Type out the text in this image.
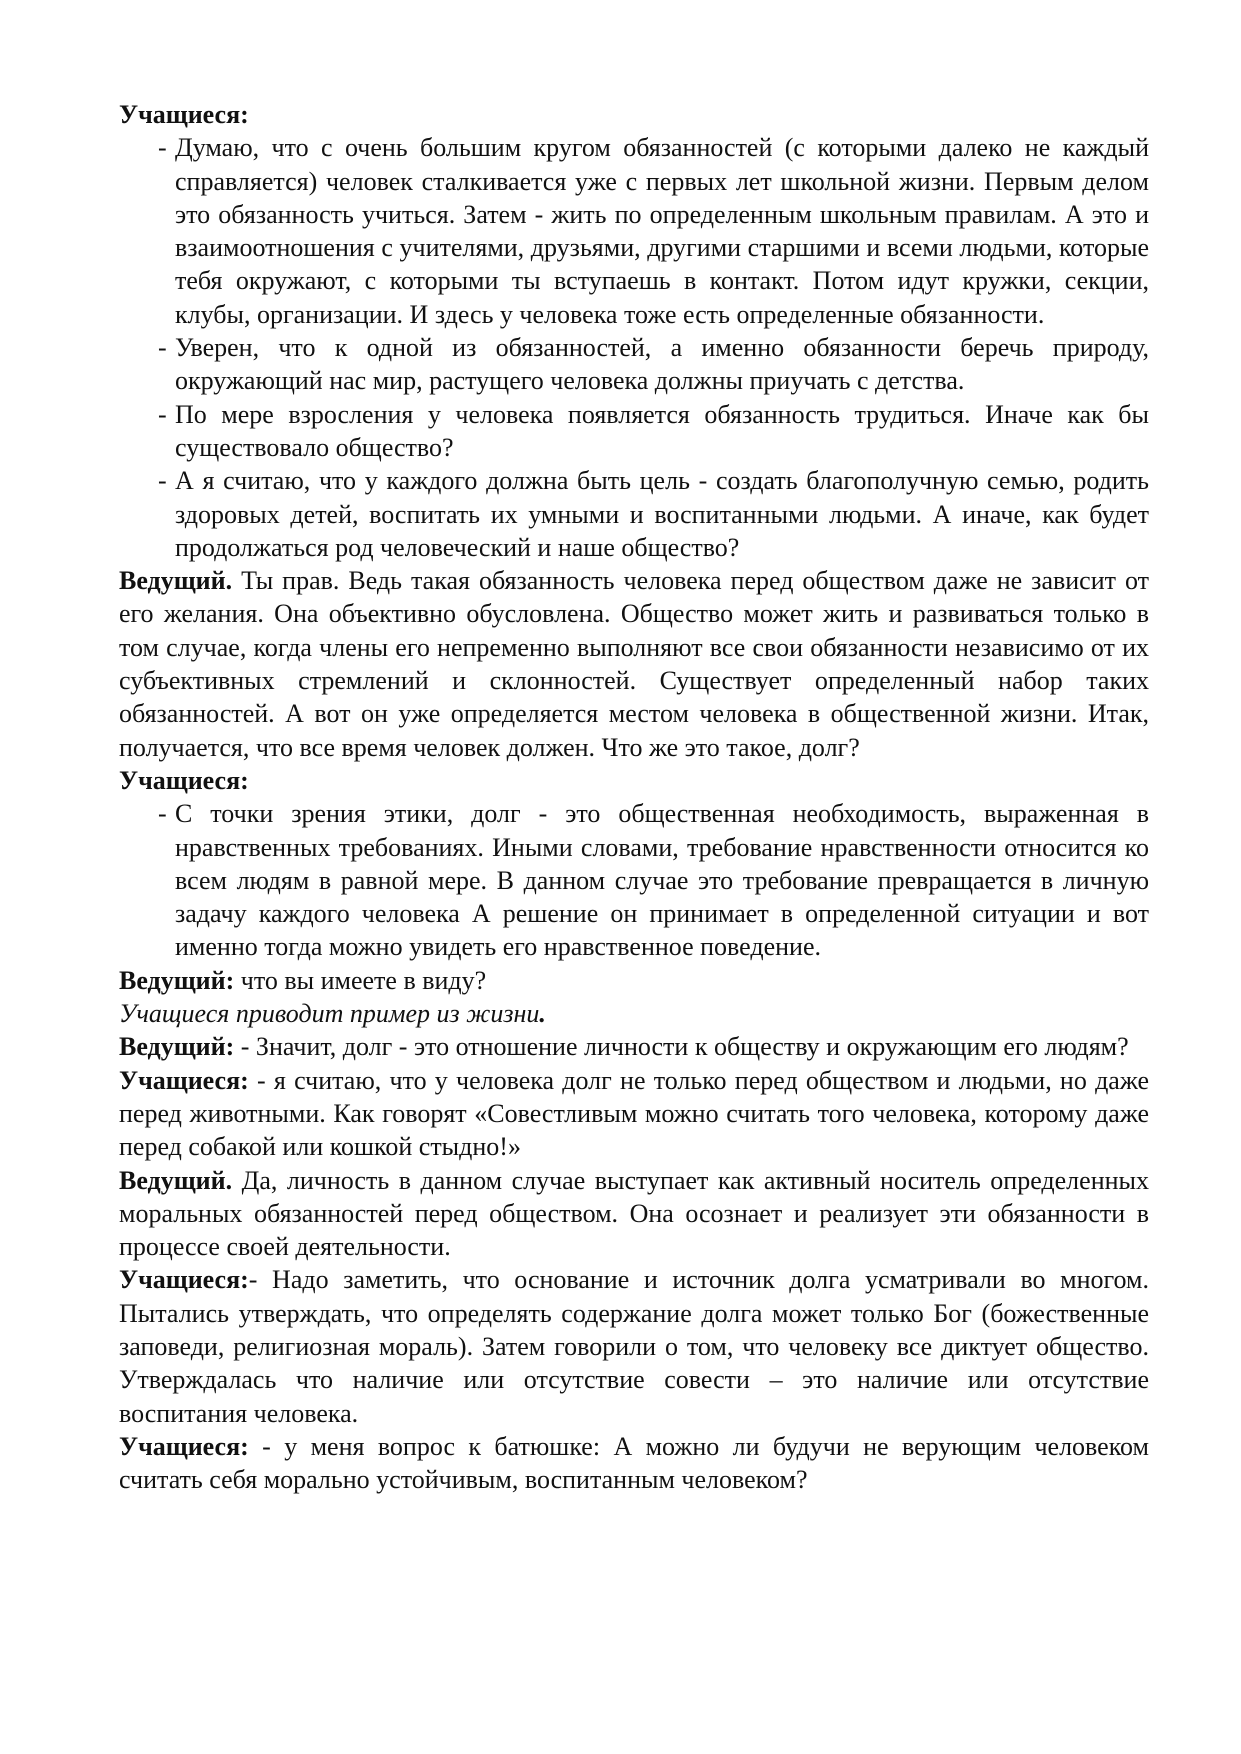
Учащиеся:

- Думаю, что с очень большим кругом обязанностей (с которыми далеко не каждый справляется) человек сталкивается уже с первых лет школьной жизни. Первым делом это обязанность учиться. Затем - жить по определенным школьным правилам. А это и взаимоотношения с учителями, друзьями, другими старшими и всеми людьми, которые тебя окружают, с которыми ты вступаешь в контакт. Потом идут кружки, секции, клубы, организации. И здесь у человека тоже есть определенные обязанности.
- Уверен, что к одной из обязанностей, а именно обязанности беречь природу, окружающий нас мир, растущего человека должны приучать с детства.
- По мере взросления у человека появляется обязанность трудиться. Иначе как бы существовало общество?
- А я считаю, что у каждого должна быть цель - создать благополучную семью, родить здоровых детей, воспитать их умными и воспитанными людьми. А иначе, как будет продолжаться род человеческий и наше общество?

Ведущий. Ты прав. Ведь такая обязанность человека перед обществом даже не зависит от его желания. Она объективно обусловлена. Общество может жить и развиваться только в том случае, когда члены его непременно выполняют все свои обязанности независимо от их субъективных стремлений и склонностей. Существует определенный набор таких обязанностей. А вот он уже определяется местом человека в общественной жизни. Итак, получается, что все время человек должен. Что же это такое, долг?

Учащиеся:

- С точки зрения этики, долг - это общественная необходимость, выраженная в нравственных требованиях. Иными словами, требование нравственности относится ко всем людям в равной мере. В данном случае это требование превращается в личную задачу каждого человека А решение он принимает в определенной ситуации и вот именно тогда можно увидеть его нравственное поведение.

Ведущий: что вы имеете в виду?

Учащиеся приводит пример из жизни.

Ведущий: - Значит, долг - это отношение личности к обществу и окружающим его людям?

Учащиеся: - я считаю, что у человека долг не только перед обществом и людьми, но даже перед животными. Как говорят «Совестливым можно считать того человека, которому даже перед собакой или кошкой стыдно!»

Ведущий. Да, личность в данном случае выступает как активный носитель определенных моральных обязанностей перед обществом. Она осознает и реализует эти обязанности в процессе своей деятельности.

Учащиеся:- Надо заметить, что основание и источник долга усматривали во многом. Пытались утверждать, что определять содержание долга может только Бог (божественные заповеди, религиозная мораль). Затем говорили о том, что человеку все диктует общество. Утверждалась что наличие или отсутствие совести – это наличие или отсутствие воспитания человека.

Учащиеся: - у меня вопрос к батюшке: А можно ли будучи не верующим человеком считать себя морально устойчивым, воспитанным человеком?
